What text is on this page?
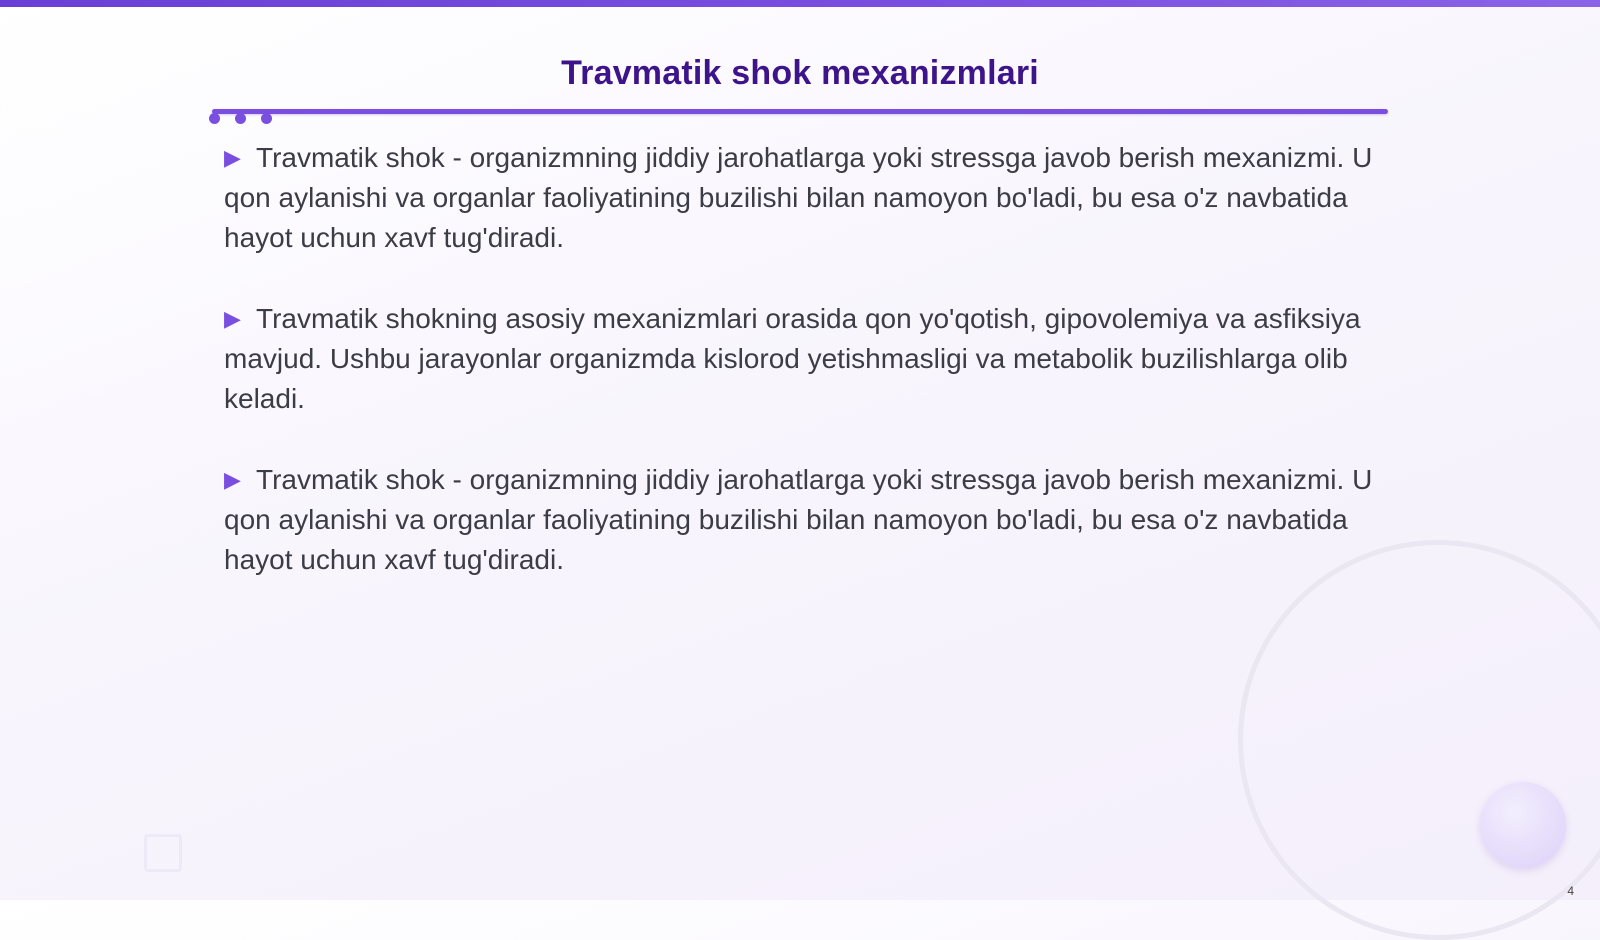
Travmatik shok mexanizmlari

▶ Travmatik shok - organizmning jiddiy jarohatlarga yoki stressga javob berish mexanizmi. U qon aylanishi va organlar faoliyatining buzilishi bilan namoyon bo'ladi, bu esa o'z navbatida hayot uchun xavf tug'diradi.

▶ Travmatik shokning asosiy mexanizmlari orasida qon yo'qotish, gipovolemiya va asfiksiya mavjud. Ushbu jarayonlar organizmda kislorod yetishmasligi va metabolik buzilishlarga olib keladi.

▶ Travmatik shok - organizmning jiddiy jarohatlarga yoki stressga javob berish mexanizmi. U qon aylanishi va organlar faoliyatining buzilishi bilan namoyon bo'ladi, bu esa o'z navbatida hayot uchun xavf tug'diradi.

4
